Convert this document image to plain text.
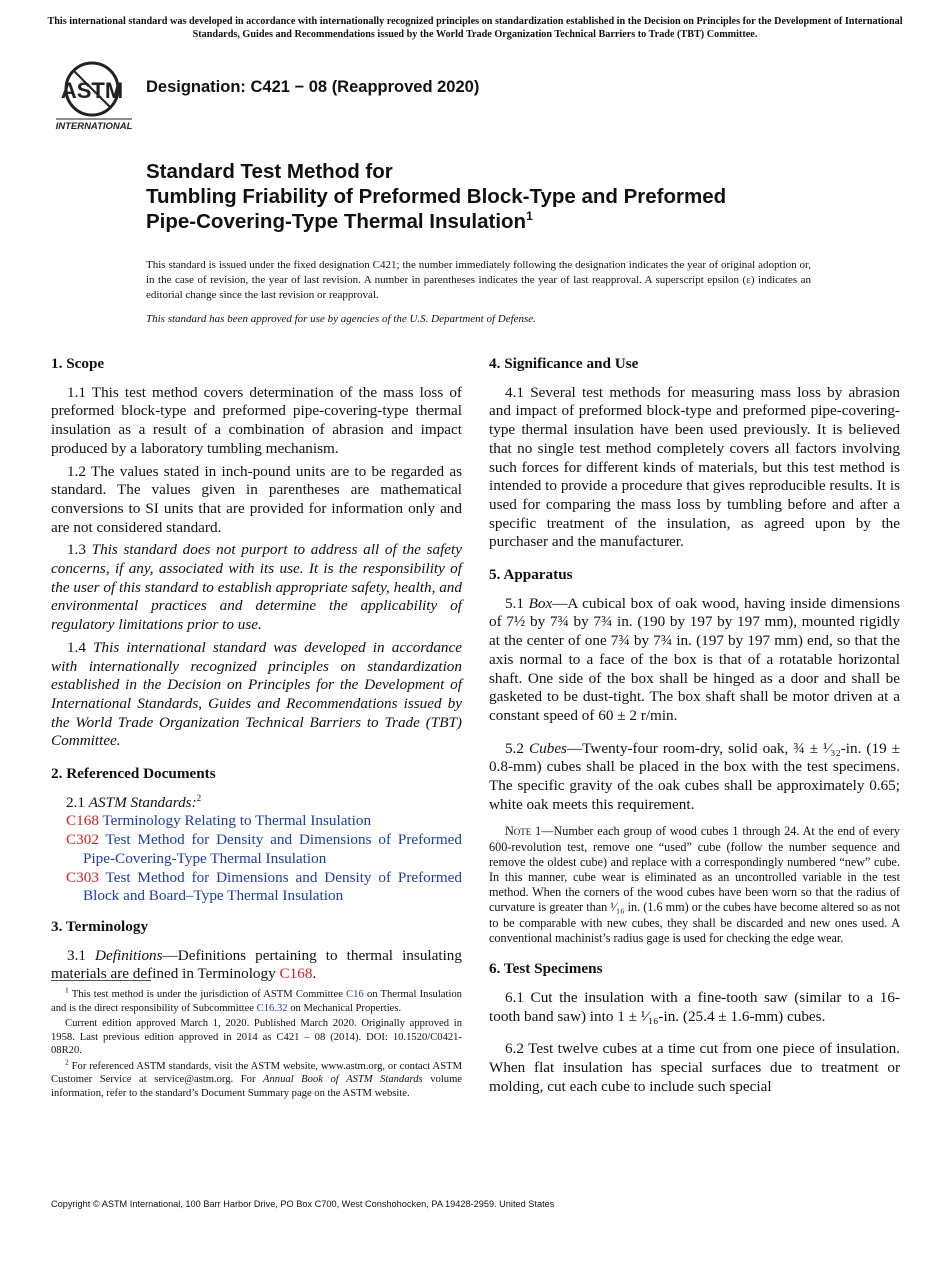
This international standard was developed in accordance with internationally recognized principles on standardization established in the Decision on Principles for the Development of International Standards, Guides and Recommendations issued by the World Trade Organization Technical Barriers to Trade (TBT) Committee.
ASTM
INTERNATIONAL
Designation: C421 − 08 (Reapproved 2020)
Standard Test Method for
Tumbling Friability of Preformed Block-Type and Preformed
Pipe-Covering-Type Thermal Insulation$^1$
This standard is issued under the fixed designation C421; the number immediately following the designation indicates the year of original adoption or, in the case of revision, the year of last revision. A number in parentheses indicates the year of last reapproval. A superscript epsilon (ε) indicates an editorial change since the last revision or reapproval.
This standard has been approved for use by agencies of the U.S. Department of Defense.
1. Scope

1.1 This test method covers determination of the mass loss of preformed block-type and preformed pipe-covering-type thermal insulation as a result of a combination of abrasion and impact produced by a laboratory tumbling mechanism.

1.2 The values stated in inch-pound units are to be regarded as standard. The values given in parentheses are mathematical conversions to SI units that are provided for information only and are not considered standard.

1.3 This standard does not purport to address all of the safety concerns, if any, associated with its use. It is the responsibility of the user of this standard to establish appropriate safety, health, and environmental practices and determine the applicability of regulatory limitations prior to use.

1.4 This international standard was developed in accordance with internationally recognized principles on standardization established in the Decision on Principles for the Development of International Standards, Guides and Recommendations issued by the World Trade Organization Technical Barriers to Trade (TBT) Committee.

2. Referenced Documents

2.1 ASTM Standards:$^2$

C168 Terminology Relating to Thermal Insulation

C302 Test Method for Density and Dimensions of Preformed Pipe-Covering-Type Thermal Insulation

C303 Test Method for Dimensions and Density of Preformed Block and Board–Type Thermal Insulation

3. Terminology

3.1 Definitions—Definitions pertaining to thermal insulating materials are defined in Terminology C168.

$^1$ This test method is under the jurisdiction of ASTM Committee C16 on Thermal Insulation and is the direct responsibility of Subcommittee C16.32 on Mechanical Properties.

Current edition approved March 1, 2020. Published March 2020. Originally approved in 1958. Last previous edition approved in 2014 as C421 – 08 (2014). DOI: 10.1520/C0421-08R20.

$^2$ For referenced ASTM standards, visit the ASTM website, www.astm.org, or contact ASTM Customer Service at service@astm.org. For Annual Book of ASTM Standards volume information, refer to the standard’s Document Summary page on the ASTM website.

4. Significance and Use

4.1 Several test methods for measuring mass loss by abrasion and impact of preformed block-type and preformed pipe-covering-type thermal insulation have been used previously. It is believed that no single test method completely covers all factors involving such forces for different kinds of materials, but this test method is intended to provide a procedure that gives reproducible results. It is used for comparing the mass loss by tumbling before and after a specific treatment of the insulation, as agreed upon by the purchaser and the manufacturer.

5. Apparatus

5.1 Box—A cubical box of oak wood, having inside dimensions of 7½ by 7¾ by 7¾ in. (190 by 197 by 197 mm), mounted rigidly at the center of one 7¾ by 7¾ in. (197 by 197 mm) end, so that the axis normal to a face of the box is that of a rotatable horizontal shaft. One side of the box shall be hinged as a door and shall be gasketed to be dust-tight. The box shaft shall be motor driven at a constant speed of 60 ± 2 r/min.

5.2 Cubes—Twenty-four room-dry, solid oak, ¾ ± ¹⁄₃₂-in. (19 ± 0.8-mm) cubes shall be placed in the box with the test specimens. The specific gravity of the oak cubes shall be approximately 0.65; white oak meets this requirement.

Note 1—Number each group of wood cubes 1 through 24. At the end of every 600-revolution test, remove one “used” cube (follow the number sequence and remove the oldest cube) and replace with a correspondingly numbered “new” cube. In this manner, cube wear is eliminated as an uncontrolled variable in the test method. When the corners of the wood cubes have been worn so that the radius of curvature is greater than ¹⁄₁₆ in. (1.6 mm) or the cubes have become altered so as not to be comparable with new cubes, they shall be discarded and new ones used. A conventional machinist’s radius gage is used for checking the edge wear.

6. Test Specimens

6.1 Cut the insulation with a fine-tooth saw (similar to a 16-tooth band saw) into 1 ± ¹⁄₁₆-in. (25.4 ± 1.6-mm) cubes.

6.2 Test twelve cubes at a time cut from one piece of insulation. When flat insulation has special surfaces due to treatment or molding, cut each cube to include such special

Copyright © ASTM International, 100 Barr Harbor Drive, PO Box C700, West Conshohocken, PA 19428-2959. United States
